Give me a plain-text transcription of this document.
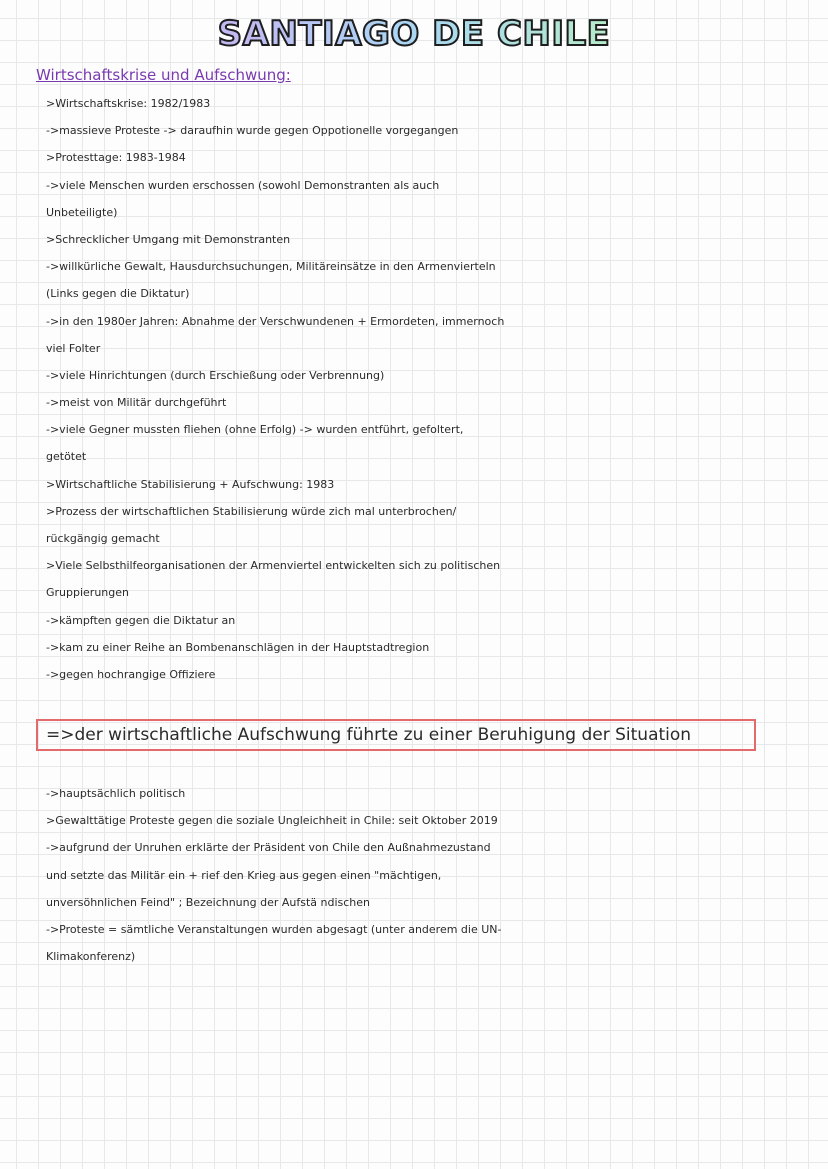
SANTIAGO DE CHILE
Wirtschaftskrise und Aufschwung:
>Wirtschaftskrise: 1982/1983
->massieve Proteste -> daraufhin wurde gegen Oppotionelle vorgegangen
>Protesttage: 1983-1984
->viele Menschen wurden erschossen (sowohl Demonstranten als auch
Unbeteiligte)
>Schrecklicher Umgang mit Demonstranten
->willkürliche Gewalt, Hausdurchsuchungen, Militäreinsätze in den Armenvierteln
(Links gegen die Diktatur)
->in den 1980er Jahren: Abnahme der Verschwundenen + Ermordeten, immernoch
viel Folter
->viele Hinrichtungen (durch Erschießung oder Verbrennung)
->meist von Militär durchgeführt
->viele Gegner mussten fliehen (ohne Erfolg) -> wurden entführt, gefoltert,
getötet
>Wirtschaftliche Stabilisierung + Aufschwung: 1983
>Prozess der wirtschaftlichen Stabilisierung würde zich mal unterbrochen/
rückgängig gemacht
>Viele Selbsthilfeorganisationen der Armenviertel entwickelten sich zu politischen
Gruppierungen
->kämpften gegen die Diktatur an
->kam zu einer Reihe an Bombenanschlägen in der Hauptstadtregion
->gegen hochrangige Offiziere
=>der wirtschaftliche Aufschwung führte zu einer Beruhigung der Situation
->hauptsächlich politisch
>Gewalttätige Proteste gegen die soziale Ungleichheit in Chile: seit Oktober 2019
->aufgrund der Unruhen erklärte der Präsident von Chile den Außnahmezustand
und setzte das Militär ein + rief den Krieg aus gegen einen "mächtigen,
unversöhnlichen Feind" ; Bezeichnung der Aufstä ndischen
->Proteste = sämtliche Veranstaltungen wurden abgesagt (unter anderem die UN-
Klimakonferenz)
